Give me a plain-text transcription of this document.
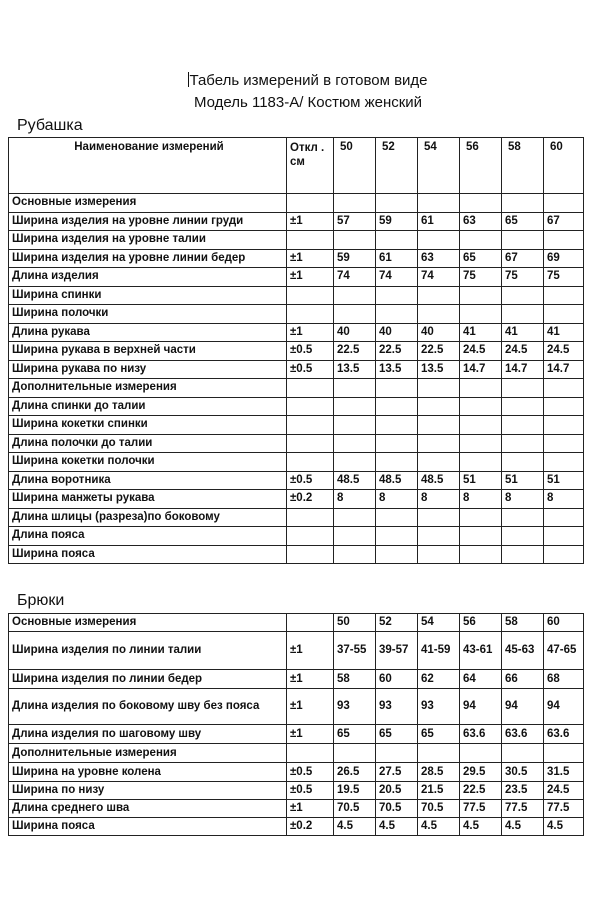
Табель измерений в готовом виде
Модель 1183-А/ Костюм женский
Рубашка
Наименование измерений	Откл . см	50	52	54	56	58	60
Основные измерения							
Ширина изделия на уровне линии груди	±1	57	59	61	63	65	67
Ширина изделия на уровне талии							
Ширина изделия на уровне линии бедер	±1	59	61	63	65	67	69
Длина изделия	±1	74	74	74	75	75	75
Ширина спинки							
Ширина полочки							
Длина рукава	±1	40	40	40	41	41	41
Ширина рукава в верхней части	±0.5	22.5	22.5	22.5	24.5	24.5	24.5
Ширина рукава по низу	±0.5	13.5	13.5	13.5	14.7	14.7	14.7
Дополнительные измерения							
Длина спинки до талии							
Ширина кокетки спинки							
Длина полочки до талии							
Ширина кокетки полочки							
Длина воротника	±0.5	48.5	48.5	48.5	51	51	51
Ширина манжеты рукава	±0.2	8	8	8	8	8	8
Длина шлицы (разреза)по боковому							
Длина пояса							
Ширина пояса							
Брюки
Основные измерения		50	52	54	56	58	60
Ширина изделия по линии талии	±1	37-55	39-57	41-59	43-61	45-63	47-65
Ширина изделия по линии бедер	±1	58	60	62	64	66	68
Длина изделия по боковому шву без пояса	±1	93	93	93	94	94	94
Длина изделия по шаговому шву	±1	65	65	65	63.6	63.6	63.6
Дополнительные измерения							
Ширина на уровне колена	±0.5	26.5	27.5	28.5	29.5	30.5	31.5
Ширина по низу	±0.5	19.5	20.5	21.5	22.5	23.5	24.5
Длина среднего шва	±1	70.5	70.5	70.5	77.5	77.5	77.5
Ширина пояса	±0.2	4.5	4.5	4.5	4.5	4.5	4.5
